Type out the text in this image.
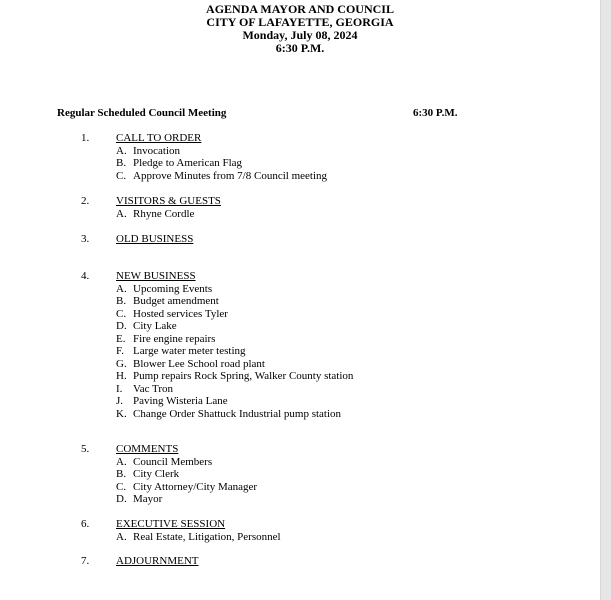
AGENDA MAYOR AND COUNCIL
CITY OF LAFAYETTE, GEORGIA
Monday, July 08, 2024
6:30 P.M.
Regular Scheduled Council Meeting	6:30 P.M.
1. CALL TO ORDER
A. Invocation
B. Pledge to American Flag
C. Approve Minutes from 7/8 Council meeting
2. VISITORS & GUESTS
A. Rhyne Cordle
3. OLD BUSINESS
4. NEW BUSINESS
A. Upcoming Events
B. Budget amendment
C. Hosted services Tyler
D. City Lake
E. Fire engine repairs
F. Large water meter testing
G. Blower Lee School road plant
H. Pump repairs Rock Spring, Walker County station
I. Vac Tron
J. Paving Wisteria Lane
K. Change Order Shattuck Industrial pump station
5. COMMENTS
A. Council Members
B. City Clerk
C. City Attorney/City Manager
D. Mayor
6. EXECUTIVE SESSION
A. Real Estate, Litigation, Personnel
7. ADJOURNMENT
